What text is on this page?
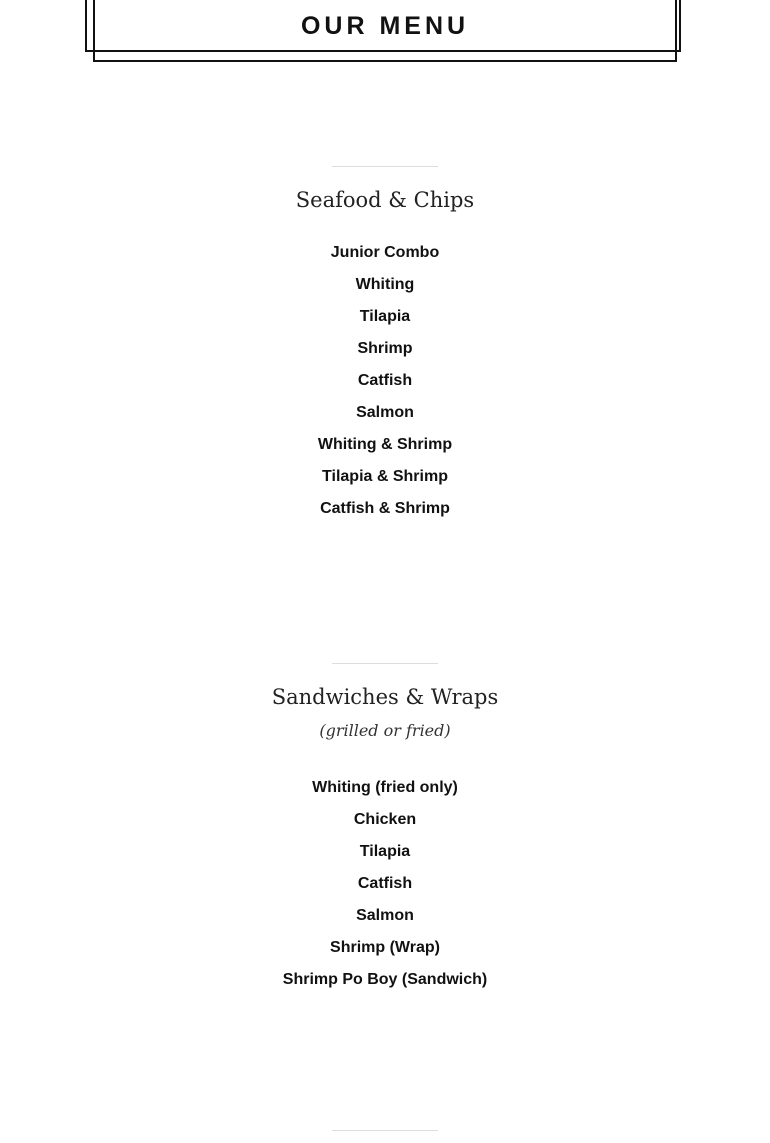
OUR MENU
Seafood & Chips
Junior Combo
Whiting
Tilapia
Shrimp
Catfish
Salmon
Whiting & Shrimp
Tilapia & Shrimp
Catfish & Shrimp
Sandwiches & Wraps
(grilled or fried)
Whiting (fried only)
Chicken
Tilapia
Catfish
Salmon
Shrimp (Wrap)
Shrimp Po Boy (Sandwich)
